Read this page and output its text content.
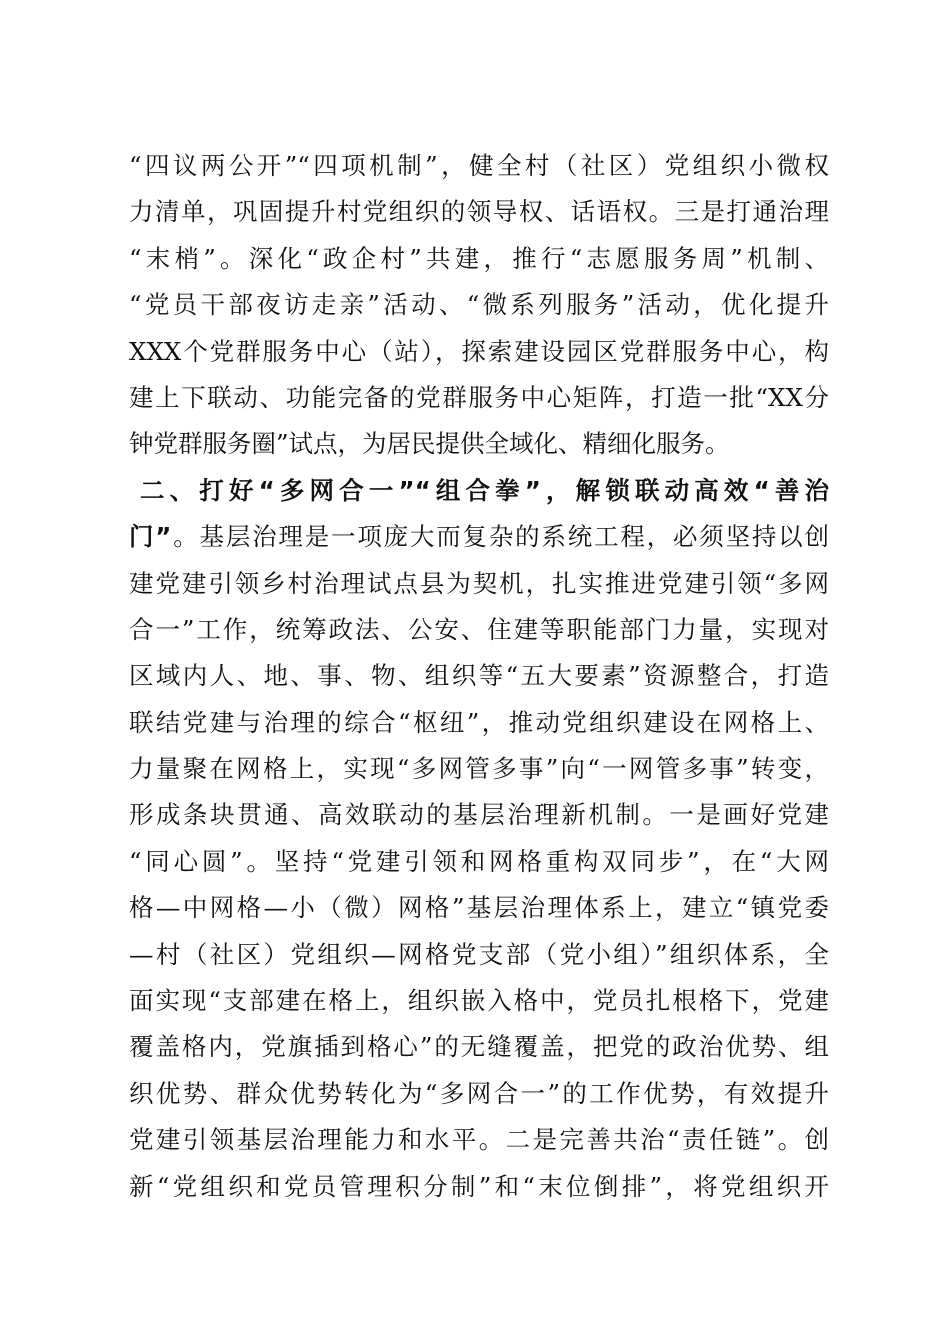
“四议两公开”“四项机制”，健全村（社区）党组织小微权
力清单，巩固提升村党组织的领导权、话语权。三是打通治理
“末梢”。深化“政企村”共建，推行“志愿服务周”机制、
“党员干部夜访走亲”活动、“微系列服务”活动，优化提升
XXX个党群服务中心（站），探索建设园区党群服务中心，构
建上下联动、功能完备的党群服务中心矩阵，打造一批“XX分
钟党群服务圈”试点，为居民提供全域化、精细化服务。
二、打好“多网合一”“组合拳”，解锁联动高效“善治
门”。基层治理是一项庞大而复杂的系统工程，必须坚持以创
建党建引领乡村治理试点县为契机，扎实推进党建引领“多网
合一”工作，统筹政法、公安、住建等职能部门力量，实现对
区域内人、地、事、物、组织等“五大要素”资源整合，打造
联结党建与治理的综合“枢纽”，推动党组织建设在网格上、
力量聚在网格上，实现“多网管多事”向“一网管多事”转变，
形成条块贯通、高效联动的基层治理新机制。一是画好党建
“同心圆”。坚持“党建引领和网格重构双同步”，在“大网
格—中网格—小（微）网格”基层治理体系上，建立“镇党委
—村（社区）党组织—网格党支部（党小组）”组织体系，全
面实现“支部建在格上，组织嵌入格中，党员扎根格下，党建
覆盖格内，党旗插到格心”的无缝覆盖，把党的政治优势、组
织优势、群众优势转化为“多网合一”的工作优势，有效提升
党建引领基层治理能力和水平。二是完善共治“责任链”。创
新“党组织和党员管理积分制”和“末位倒排”，将党组织开
